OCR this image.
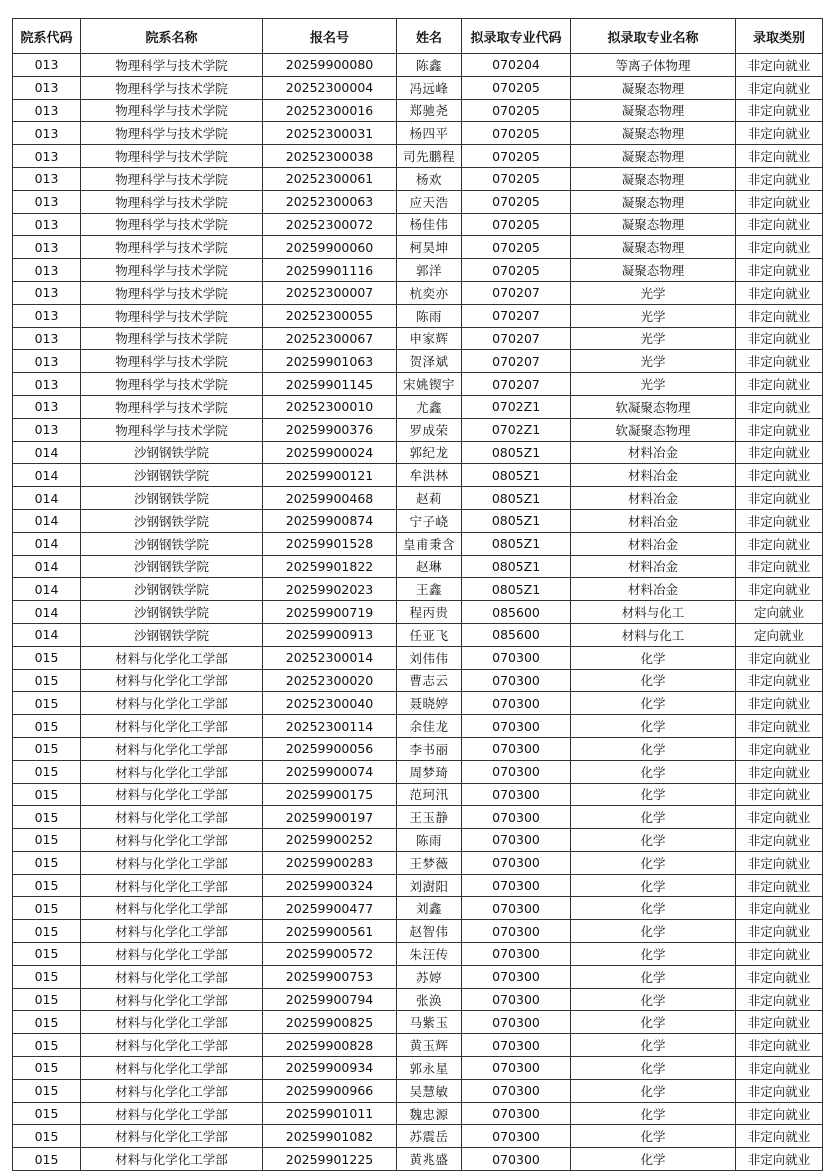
院系代码	院系名称	报名号	姓名	拟录取专业代码	拟录取专业名称	录取类别
013	物理科学与技术学院	20259900080	陈鑫	070204	等离子体物理	非定向就业
013	物理科学与技术学院	20252300004	冯远峰	070205	凝聚态物理	非定向就业
013	物理科学与技术学院	20252300016	郑驰尧	070205	凝聚态物理	非定向就业
013	物理科学与技术学院	20252300031	杨四平	070205	凝聚态物理	非定向就业
013	物理科学与技术学院	20252300038	司先鹏程	070205	凝聚态物理	非定向就业
013	物理科学与技术学院	20252300061	杨欢	070205	凝聚态物理	非定向就业
013	物理科学与技术学院	20252300063	应天浩	070205	凝聚态物理	非定向就业
013	物理科学与技术学院	20252300072	杨佳伟	070205	凝聚态物理	非定向就业
013	物理科学与技术学院	20259900060	柯昊坤	070205	凝聚态物理	非定向就业
013	物理科学与技术学院	20259901116	郭洋	070205	凝聚态物理	非定向就业
013	物理科学与技术学院	20252300007	杭奕亦	070207	光学	非定向就业
013	物理科学与技术学院	20252300055	陈雨	070207	光学	非定向就业
013	物理科学与技术学院	20252300067	申家辉	070207	光学	非定向就业
013	物理科学与技术学院	20259901063	贺泽斌	070207	光学	非定向就业
013	物理科学与技术学院	20259901145	宋姚锲宇	070207	光学	非定向就业
013	物理科学与技术学院	20252300010	尤鑫	0702Z1	软凝聚态物理	非定向就业
013	物理科学与技术学院	20259900376	罗成荣	0702Z1	软凝聚态物理	非定向就业
014	沙钢钢铁学院	20259900024	郭纪龙	0805Z1	材料冶金	非定向就业
014	沙钢钢铁学院	20259900121	牟洪林	0805Z1	材料冶金	非定向就业
014	沙钢钢铁学院	20259900468	赵莉	0805Z1	材料冶金	非定向就业
014	沙钢钢铁学院	20259900874	宁子峣	0805Z1	材料冶金	非定向就业
014	沙钢钢铁学院	20259901528	皇甫秉含	0805Z1	材料冶金	非定向就业
014	沙钢钢铁学院	20259901822	赵琳	0805Z1	材料冶金	非定向就业
014	沙钢钢铁学院	20259902023	王鑫	0805Z1	材料冶金	非定向就业
014	沙钢钢铁学院	20259900719	程丙贵	085600	材料与化工	定向就业
014	沙钢钢铁学院	20259900913	任亚飞	085600	材料与化工	定向就业
015	材料与化学化工学部	20252300014	刘伟伟	070300	化学	非定向就业
015	材料与化学化工学部	20252300020	曹志云	070300	化学	非定向就业
015	材料与化学化工学部	20252300040	聂晓婷	070300	化学	非定向就业
015	材料与化学化工学部	20252300114	余佳龙	070300	化学	非定向就业
015	材料与化学化工学部	20259900056	李书丽	070300	化学	非定向就业
015	材料与化学化工学部	20259900074	周梦琦	070300	化学	非定向就业
015	材料与化学化工学部	20259900175	范珂汛	070300	化学	非定向就业
015	材料与化学化工学部	20259900197	王玉静	070300	化学	非定向就业
015	材料与化学化工学部	20259900252	陈雨	070300	化学	非定向就业
015	材料与化学化工学部	20259900283	王梦薇	070300	化学	非定向就业
015	材料与化学化工学部	20259900324	刘澍阳	070300	化学	非定向就业
015	材料与化学化工学部	20259900477	刘鑫	070300	化学	非定向就业
015	材料与化学化工学部	20259900561	赵智伟	070300	化学	非定向就业
015	材料与化学化工学部	20259900572	朱汪传	070300	化学	非定向就业
015	材料与化学化工学部	20259900753	苏婷	070300	化学	非定向就业
015	材料与化学化工学部	20259900794	张涣	070300	化学	非定向就业
015	材料与化学化工学部	20259900825	马紫玉	070300	化学	非定向就业
015	材料与化学化工学部	20259900828	黄玉辉	070300	化学	非定向就业
015	材料与化学化工学部	20259900934	郭永星	070300	化学	非定向就业
015	材料与化学化工学部	20259900966	吴慧敏	070300	化学	非定向就业
015	材料与化学化工学部	20259901011	魏忠源	070300	化学	非定向就业
015	材料与化学化工学部	20259901082	苏震岳	070300	化学	非定向就业
015	材料与化学化工学部	20259901225	黄兆盛	070300	化学	非定向就业
